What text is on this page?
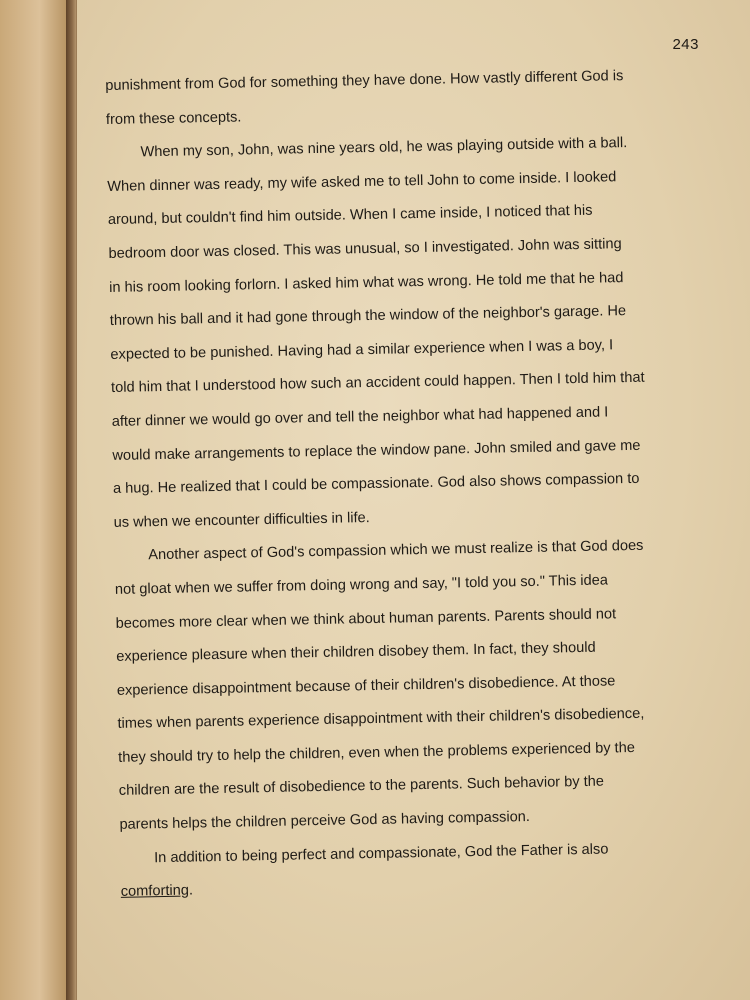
243
punishment from God for something they have done. How vastly different God is
from these concepts.
When my son, John, was nine years old, he was playing outside with a ball.
When dinner was ready, my wife asked me to tell John to come inside. I looked
around, but couldn't find him outside. When I came inside, I noticed that his
bedroom door was closed. This was unusual, so I investigated. John was sitting
in his room looking forlorn. I asked him what was wrong. He told me that he had
thrown his ball and it had gone through the window of the neighbor's garage. He
expected to be punished. Having had a similar experience when I was a boy, I
told him that I understood how such an accident could happen. Then I told him that
after dinner we would go over and tell the neighbor what had happened and I
would make arrangements to replace the window pane. John smiled and gave me
a hug. He realized that I could be compassionate. God also shows compassion to
us when we encounter difficulties in life.
Another aspect of God's compassion which we must realize is that God does
not gloat when we suffer from doing wrong and say, "I told you so." This idea
becomes more clear when we think about human parents. Parents should not
experience pleasure when their children disobey them. In fact, they should
experience disappointment because of their children's disobedience. At those
times when parents experience disappointment with their children's disobedience,
they should try to help the children, even when the problems experienced by the
children are the result of disobedience to the parents. Such behavior by the
parents helps the children perceive God as having compassion.
In addition to being perfect and compassionate, God the Father is also
comforting.
